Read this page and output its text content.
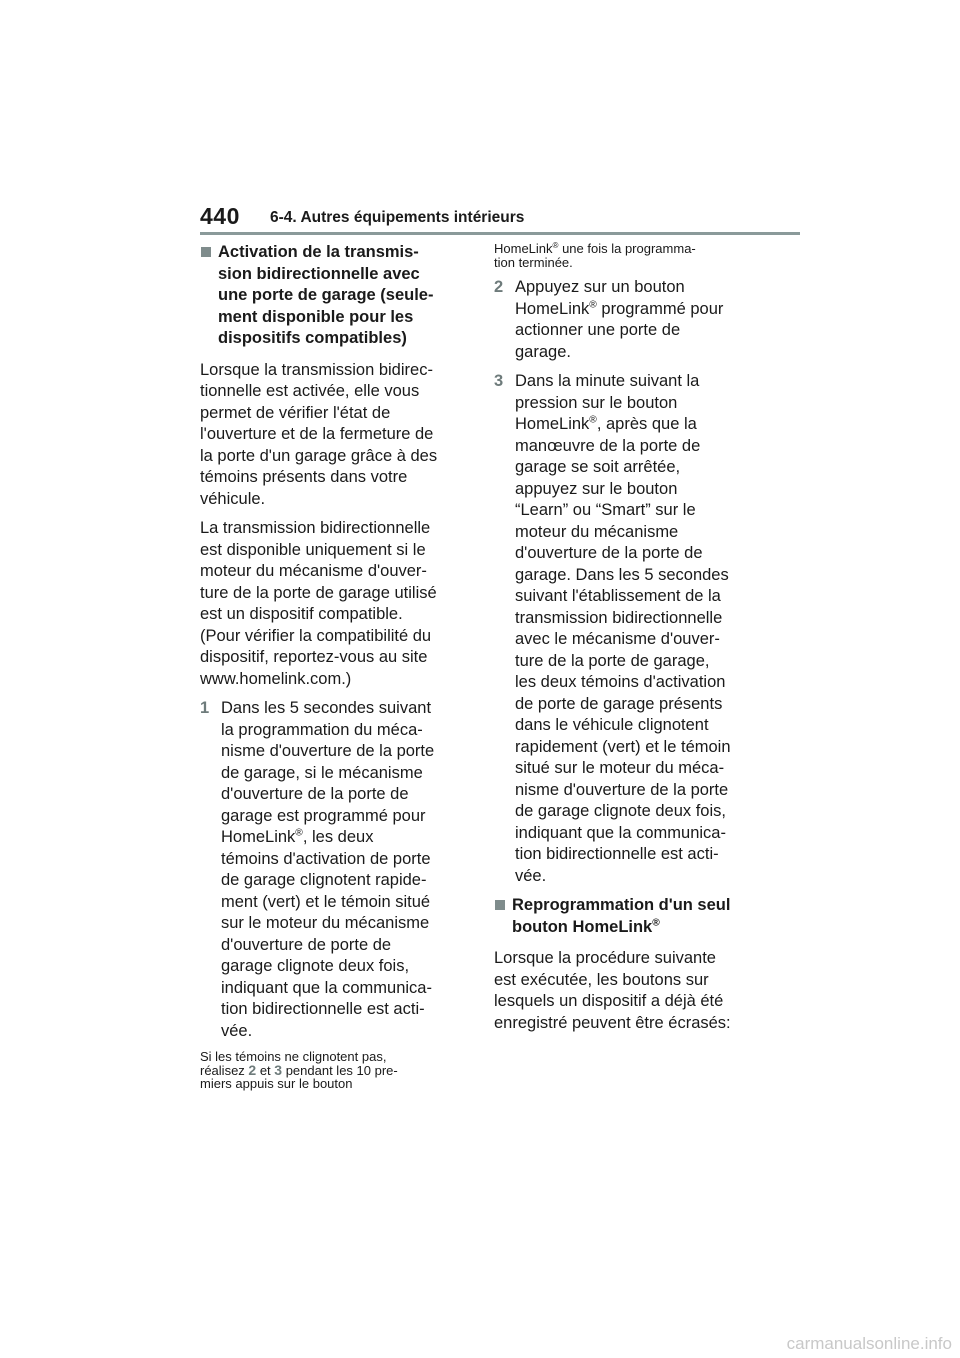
440 6-4. Autres équipements intérieurs
Activation de la transmis-
sion bidirectionnelle avec
une porte de garage (seule-
ment disponible pour les
dispositifs compatibles)
Lorsque la transmission bidirec-
tionnelle est activée, elle vous
permet de vérifier l'état de
l'ouverture et de la fermeture de
la porte d'un garage grâce à des
témoins présents dans votre
véhicule.
La transmission bidirectionnelle
est disponible uniquement si le
moteur du mécanisme d'ouver-
ture de la porte de garage utilisé
est un dispositif compatible.
(Pour vérifier la compatibilité du
dispositif, reportez-vous au site
www.homelink.com.)
1 Dans les 5 secondes suivant
la programmation du méca-
nisme d'ouverture de la porte
de garage, si le mécanisme
d'ouverture de la porte de
garage est programmé pour
HomeLink®, les deux
témoins d'activation de porte
de garage clignotent rapide-
ment (vert) et le témoin situé
sur le moteur du mécanisme
d'ouverture de porte de
garage clignote deux fois,
indiquant que la communica-
tion bidirectionnelle est acti-
vée.
Si les témoins ne clignotent pas,
réalisez 2 et 3 pendant les 10 pre-
miers appuis sur le bouton
HomeLink® une fois la programma-
tion terminée.
2 Appuyez sur un bouton
HomeLink® programmé pour
actionner une porte de
garage.
3 Dans la minute suivant la
pression sur le bouton
HomeLink®, après que la
manœuvre de la porte de
garage se soit arrêtée,
appuyez sur le bouton
“Learn” ou “Smart” sur le
moteur du mécanisme
d'ouverture de la porte de
garage. Dans les 5 secondes
suivant l'établissement de la
transmission bidirectionnelle
avec le mécanisme d'ouver-
ture de la porte de garage,
les deux témoins d'activation
de porte de garage présents
dans le véhicule clignotent
rapidement (vert) et le témoin
situé sur le moteur du méca-
nisme d'ouverture de la porte
de garage clignote deux fois,
indiquant que la communica-
tion bidirectionnelle est acti-
vée.
Reprogrammation d'un seul
bouton HomeLink®
Lorsque la procédure suivante
est exécutée, les boutons sur
lesquels un dispositif a déjà été
enregistré peuvent être écrasés:
carmanualsonline.info
